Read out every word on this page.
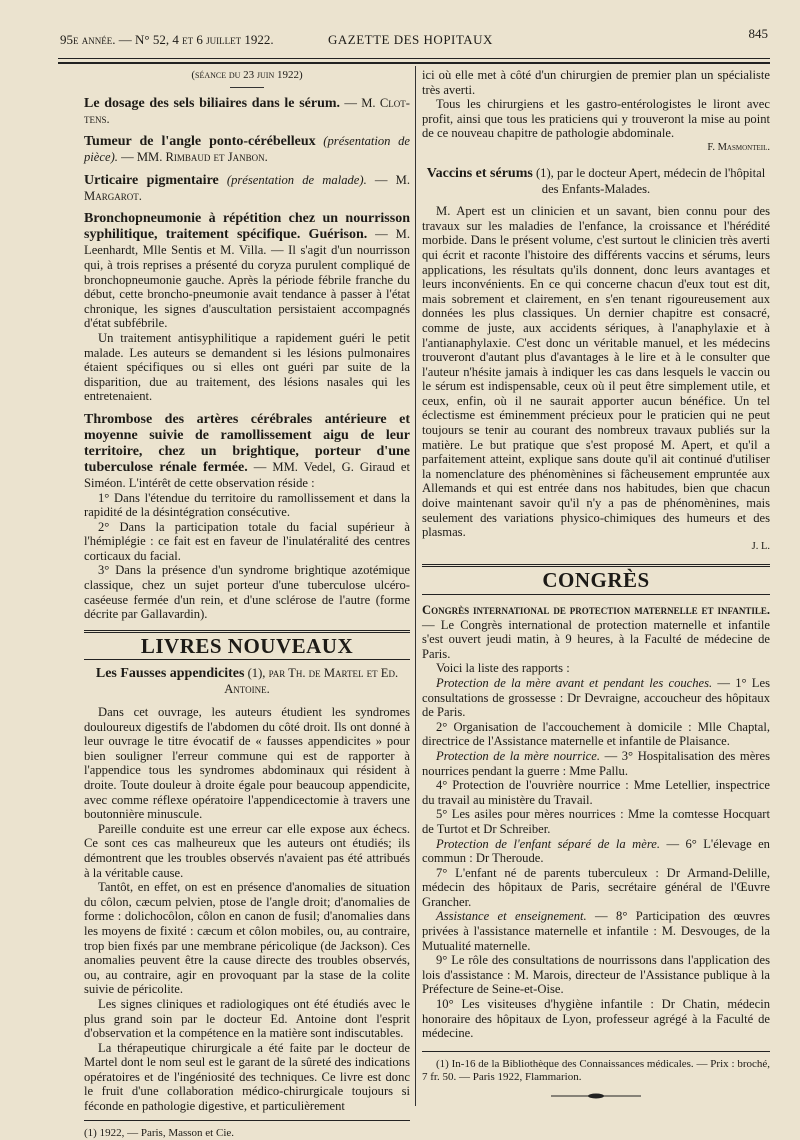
95e année. — N° 52, 4 et 6 juillet 1922.	GAZETTE DES HOPITAUX	845

(séance du 23 juin 1922)

Le dosage des sels biliaires dans le sérum. — M. Clot-tens.

Tumeur de l'angle ponto-cérébelleux (présentation de pièce). — MM. Rimbaud et Janbon.

Urticaire pigmentaire (présentation de malade). — M. Margarot.

Bronchopneumonie à répétition chez un nourrisson syphilitique, traitement spécifique. Guérison. — M. Leenhardt, Mlle Sentis et M. Villa. — Il s'agit d'un nourrisson qui, à trois reprises a présenté du coryza purulent compliqué de bronchopneumonie gauche. Après la période fébrile franche du début, cette broncho-pneumonie avait tendance à passer à l'état chronique, les signes d'auscultation persistaient accompagnés d'état subfébrile.

Un traitement antisyphilitique a rapidement guéri le petit malade. Les auteurs se demandent si les lésions pulmonaires étaient spécifiques ou si elles ont guéri par suite de la disparition, due au traitement, des lésions nasales qui les entretenaient.

Thrombose des artères cérébrales antérieure et moyenne suivie de ramollissement aigu de leur territoire, chez un brightique, porteur d'une tuberculose rénale fermée. — MM. Vedel, G. Giraud et Siméon. L'intérêt de cette observation réside :

1° Dans l'étendue du territoire du ramollissement et dans la rapidité de la désintégration consécutive.

2° Dans la participation totale du facial supérieur à l'hémiplégie : ce fait est en faveur de l'inulatéralité des centres corticaux du facial.

3° Dans la présence d'un syndrome brightique azotémique classique, chez un sujet porteur d'une tuberculose ulcéro-caséeuse fermée d'un rein, et d'une sclérose de l'autre (forme décrite par Gallavardin).

LIVRES NOUVEAUX

Les Fausses appendicites (1), par Th. de Martel et Ed. Antoine.

Dans cet ouvrage, les auteurs étudient les syndromes douloureux digestifs de l'abdomen du côté droit. Ils ont donné à leur ouvrage le titre évocatif de « fausses appendicites » pour bien souligner l'erreur commune qui est de rapporter à l'appendice tous les syndromes abdominaux qui résident à droite. Toute douleur à droite égale pour beaucoup appendicite, avec comme réflexe opératoire l'appendicectomie à travers une boutonnière minuscule.

Pareille conduite est une erreur car elle expose aux échecs. Ce sont ces cas malheureux que les auteurs ont étudiés; ils démontrent que les troubles observés n'avaient pas été attribués à la véritable cause.

Tantôt, en effet, on est en présence d'anomalies de situation du côlon, cæcum pelvien, ptose de l'angle droit; d'anomalies de forme : dolichocôlon, côlon en canon de fusil; d'anomalies dans les moyens de fixité : cæcum et côlon mobiles, ou, au contraire, trop bien fixés par une membrane péricolique (de Jackson). Ces anomalies peuvent être la cause directe des troubles observés, ou, au contraire, agir en provoquant par la stase de la colite suivie de péricolite.

Les signes cliniques et radiologiques ont été étudiés avec le plus grand soin par le docteur Ed. Antoine dont l'esprit d'observation et la compétence en la matière sont indiscutables.

La thérapeutique chirurgicale a été faite par le docteur de Martel dont le nom seul est le garant de la sûreté des indications opératoires et de l'ingéniosité des techniques. Ce livre est donc le fruit d'une collaboration médico-chirurgicale toujours si féconde en pathologie digestive, et particulièrement

(1) 1922, — Paris, Masson et Cie.

ici où elle met à côté d'un chirurgien de premier plan un spécialiste très averti.

Tous les chirurgiens et les gastro-entérologistes le liront avec profit, ainsi que tous les praticiens qui y trouveront la mise au point de ce nouveau chapitre de pathologie abdominale.

F. Masmonteil.

Vaccins et sérums (1), par le docteur Apert, médecin de l'hôpital des Enfants-Malades.

M. Apert est un clinicien et un savant, bien connu pour des travaux sur les maladies de l'enfance, la croissance et l'hérédité morbide. Dans le présent volume, c'est surtout le clinicien très averti qui écrit et raconte l'histoire des différents vaccins et sérums, leurs applications, les résultats qu'ils donnent, donc leurs avantages et leurs inconvénients. En ce qui concerne chacun d'eux tout est dit, mais sobrement et clairement, en s'en tenant rigoureusement aux données les plus classiques. Un dernier chapitre est consacré, comme de juste, aux accidents sériques, à l'anaphylaxie et à l'antianaphylaxie. C'est donc un véritable manuel, et les médecins trouveront d'autant plus d'avantages à le lire et à le consulter que l'auteur n'hésite jamais à indiquer les cas dans lesquels le vaccin ou le sérum est indispensable, ceux où il peut être simplement utile, et ceux, enfin, où il ne saurait apporter aucun bénéfice. Un tel éclectisme est éminemment précieux pour le praticien qui ne peut toujours se tenir au courant des nombreux travaux publiés sur la matière. Le but pratique que s'est proposé M. Apert, et qu'il a parfaitement atteint, explique sans doute qu'il ait continué d'utiliser la nomenclature des phénomènines si fâcheusement empruntée aux Allemands et qui est entrée dans nos habitudes, bien que chacun doive maintenant savoir qu'il n'y a pas de phénomènines, mais seulement des variations physico-chimiques des humeurs et des plasmas.

J. L.

CONGRÈS

Congrès international de protection maternelle et infantile. — Le Congrès international de protection maternelle et infantile s'est ouvert jeudi matin, à 9 heures, à la Faculté de médecine de Paris.

Voici la liste des rapports :

Protection de la mère avant et pendant les couches. — 1° Les consultations de grossesse : Dr Devraigne, accoucheur des hôpitaux de Paris.

2° Organisation de l'accouchement à domicile : Mlle Chaptal, directrice de l'Assistance maternelle et infantile de Plaisance.

Protection de la mère nourrice. — 3° Hospitalisation des mères nourrices pendant la guerre : Mme Pallu.

4° Protection de l'ouvrière nourrice : Mme Letellier, inspectrice du travail au ministère du Travail.

5° Les asiles pour mères nourrices : Mme la comtesse Hocquart de Turtot et Dr Schreiber.

Protection de l'enfant séparé de la mère. — 6° L'élevage en commun : Dr Theroude.

7° L'enfant né de parents tuberculeux : Dr Armand-Delille, médecin des hôpitaux de Paris, secrétaire général de l'Œuvre Grancher.

Assistance et enseignement. — 8° Participation des œuvres privées à l'assistance maternelle et infantile : M. Desvouges, de la Mutualité maternelle.

9° Le rôle des consultations de nourrissons dans l'application des lois d'assistance : M. Marois, directeur de l'Assistance publique à la Préfecture de Seine-et-Oise.

10° Les visiteuses d'hygiène infantile : Dr Chatin, médecin honoraire des hôpitaux de Lyon, professeur agrégé à la Faculté de médecine.

(1) In-16 de la Bibliothèque des Connaissances médicales. — Prix : broché, 7 fr. 50. — Paris 1922, Flammarion.
